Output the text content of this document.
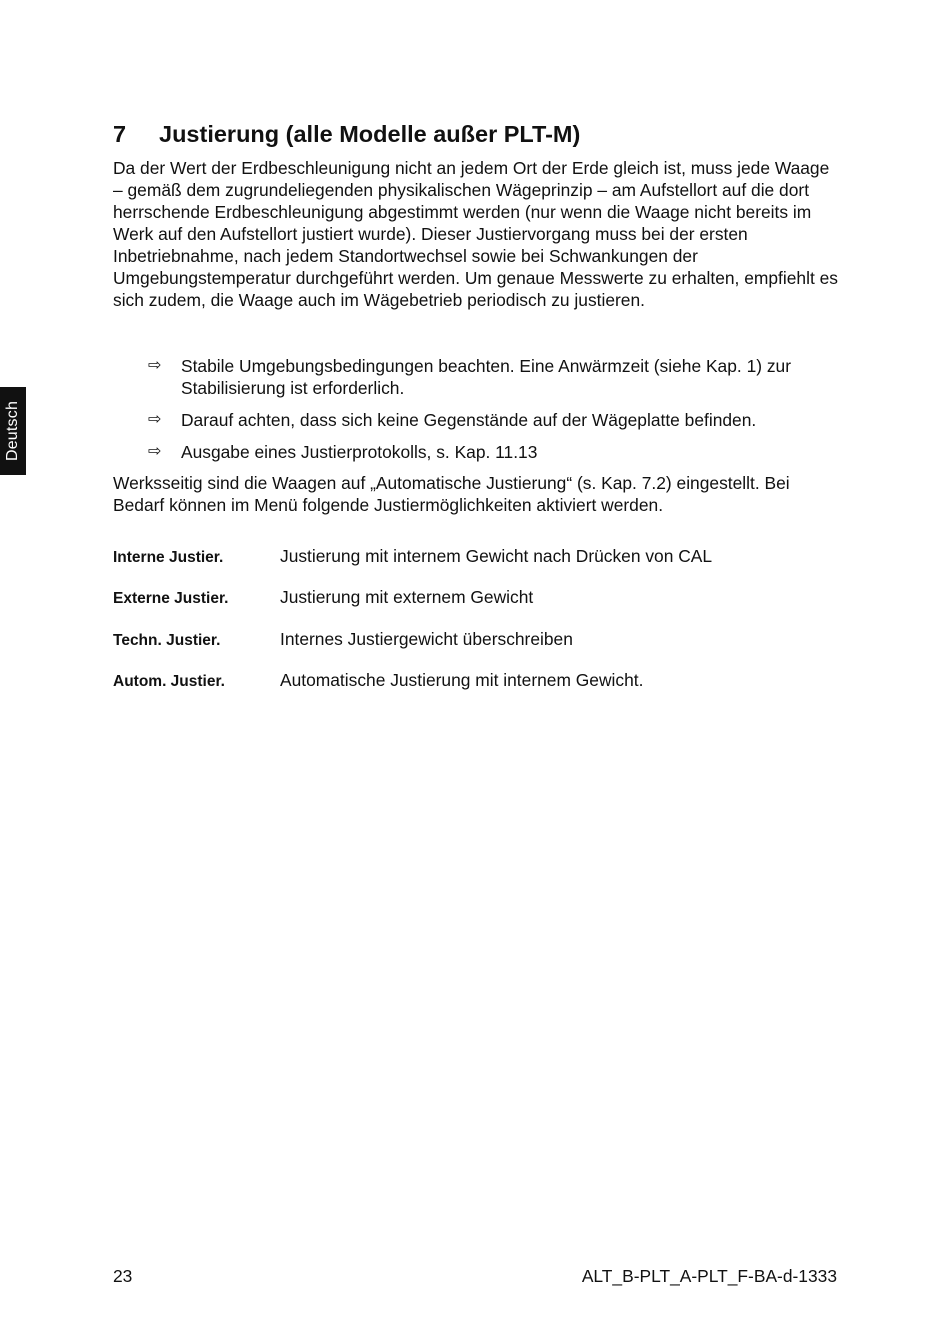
Deutsch
7 Justierung (alle Modelle außer PLT-M)

Da der Wert der Erdbeschleunigung nicht an jedem Ort der Erde gleich ist, muss jede Waage – gemäß dem zugrundeliegenden physikalischen Wägeprinzip – am Aufstellort auf die dort herrschende Erdbeschleunigung abgestimmt werden (nur wenn die Waage nicht bereits im Werk auf den Aufstellort justiert wurde). Dieser Justiervorgang muss bei der ersten Inbetriebnahme, nach jedem Standortwechsel sowie bei Schwankungen der Umgebungstemperatur durchgeführt werden. Um genaue Messwerte zu erhalten, empfiehlt es sich zudem, die Waage auch im Wägebetrieb periodisch zu justieren.

⇨ Stabile Umgebungsbedingungen beachten. Eine Anwärmzeit (siehe Kap. 1) zur Stabilisierung ist erforderlich.
⇨ Darauf achten, dass sich keine Gegenstände auf der Wägeplatte befinden.
⇨ Ausgabe eines Justierprotokolls, s. Kap. 11.13

Werksseitig sind die Waagen auf „Automatische Justierung“ (s. Kap. 7.2) eingestellt. Bei Bedarf können im Menü folgende Justiermöglichkeiten aktiviert werden.

Interne Justier.	Justierung mit internem Gewicht nach Drücken von CAL
Externe Justier.	Justierung mit externem Gewicht
Techn. Justier.	Internes Justiergewicht überschreiben
Autom. Justier.	Automatische Justierung mit internem Gewicht.
23	ALT_B-PLT_A-PLT_F-BA-d-1333
